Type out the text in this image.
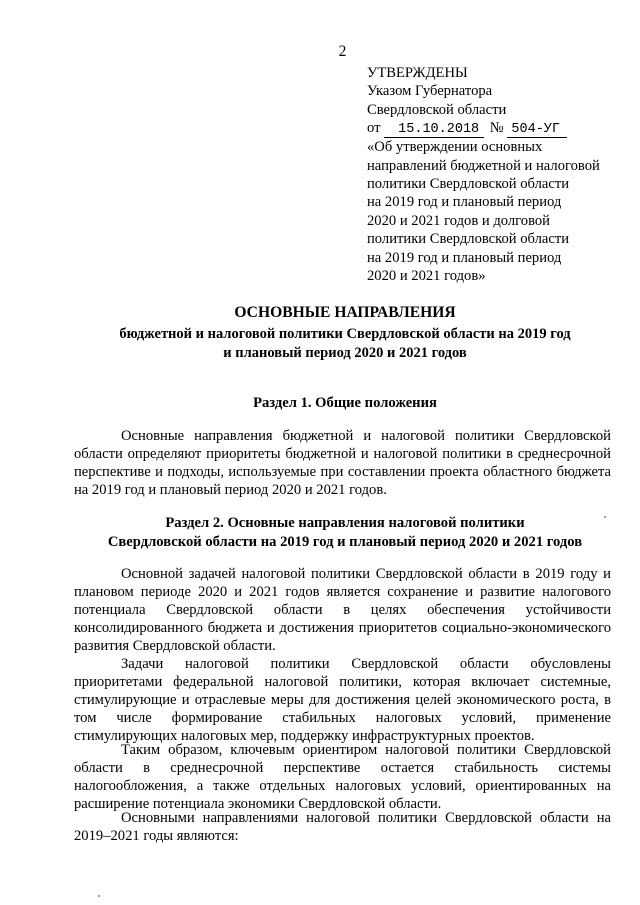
2
УТВЕРЖДЕНЫ
Указом Губернатора
Свердловской области
от 15.10.2018 № 504-УГ
«Об утверждении основных
направлений бюджетной и налоговой
политики Свердловской области
на 2019 год и плановый период
2020 и 2021 годов и долговой
политики Свердловской области
на 2019 год и плановый период
2020 и 2021 годов»
ОСНОВНЫЕ НАПРАВЛЕНИЯ
бюджетной и налоговой политики Свердловской области на 2019 год
и плановый период 2020 и 2021 годов
Раздел 1. Общие положения

Основные направления бюджетной и налоговой политики Свердловской области определяют приоритеты бюджетной и налоговой политики в среднесрочной перспективе и подходы, используемые при составлении проекта областного бюджета на 2019 год и плановый период 2020 и 2021 годов.

Раздел 2. Основные направления налоговой политики
Свердловской области на 2019 год и плановый период 2020 и 2021 годов

Основной задачей налоговой политики Свердловской области в 2019 году и плановом периоде 2020 и 2021 годов является сохранение и развитие налогового потенциала Свердловской области в целях обеспечения устойчивости консолидированного бюджета и достижения приоритетов социально-экономического развития Свердловской области.

Задачи налоговой политики Свердловской области обусловлены приоритетами федеральной налоговой политики, которая включает системные, стимулирующие и отраслевые меры для достижения целей экономического роста, в том числе формирование стабильных налоговых условий, применение стимулирующих налоговых мер, поддержку инфраструктурных проектов.

Таким образом, ключевым ориентиром налоговой политики Свердловской области в среднесрочной перспективе остается стабильность системы налогообложения, а также отдельных налоговых условий, ориентированных на расширение потенциала экономики Свердловской области.

Основными направлениями налоговой политики Свердловской области на 2019–2021 годы являются:
